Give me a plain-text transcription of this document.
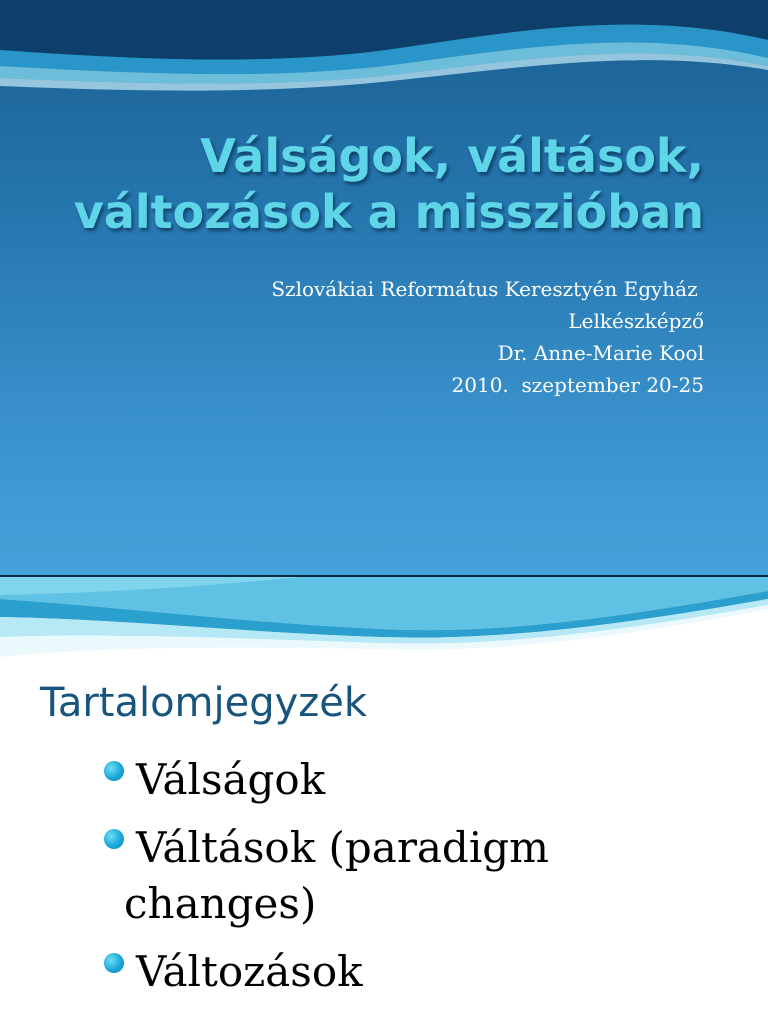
Válságok, váltások,
változások a misszióban
Szlovákiai Református Keresztyén Egyház
Lelkészképző
Dr. Anne-Marie Kool
2010.  szeptember 20-25
Tartalomjegyzék
Válságok
Váltások (paradigm
changes)
Változások
